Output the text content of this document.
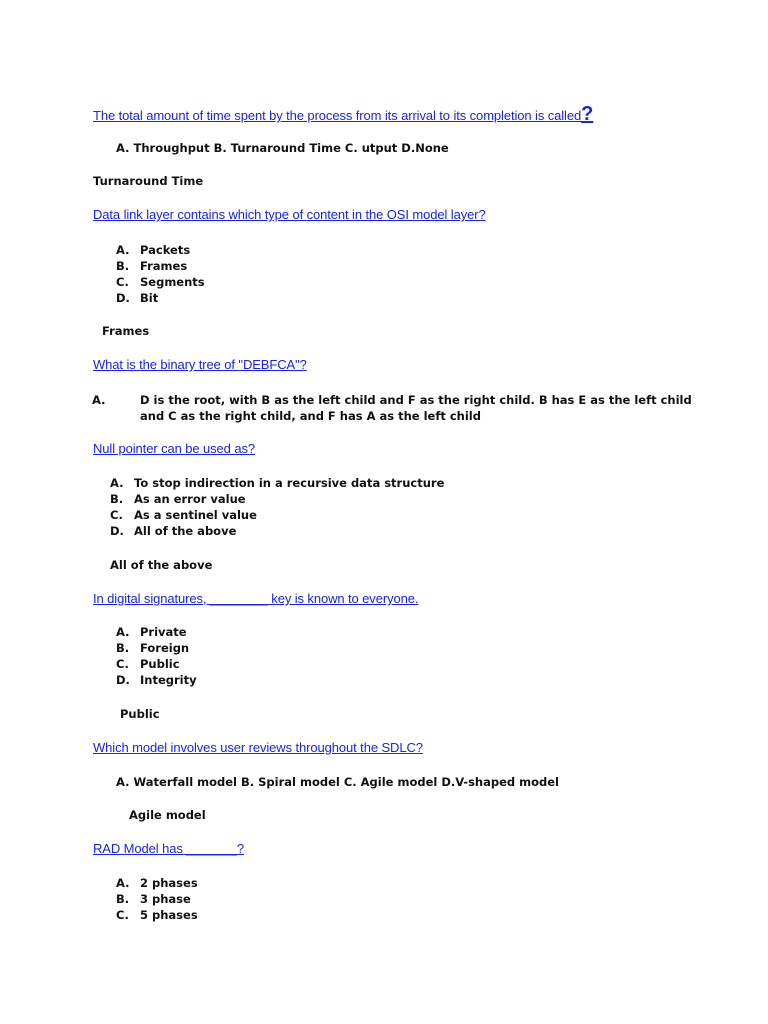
The total amount of time spent by the process from its arrival to its completion is called?

A. Throughput B. Turnaround Time C. utput D.None

Turnaround Time

Data link layer contains which type of content in the OSI model layer?

A. Packets

B. Frames

C. Segments

D. Bit

Frames

What is the binary tree of "DEBFCA"?

A.	D is the root, with B as the left child and F as the right child. B has E as the left child and C as the right child, and F has A as the left child

Null pointer can be used as?

A. To stop indirection in a recursive data structure

B. As an error value

C. As a sentinel value

D. All of the above

All of the above

In digital signatures, ________ key is known to everyone.

A. Private

B. Foreign

C. Public

D. Integrity

Public

Which model involves user reviews throughout the SDLC?

A. Waterfall model B. Spiral model C. Agile model D.V-shaped model

Agile model

RAD Model has _______?

A. 2 phases

B. 3 phase

C. 5 phases
